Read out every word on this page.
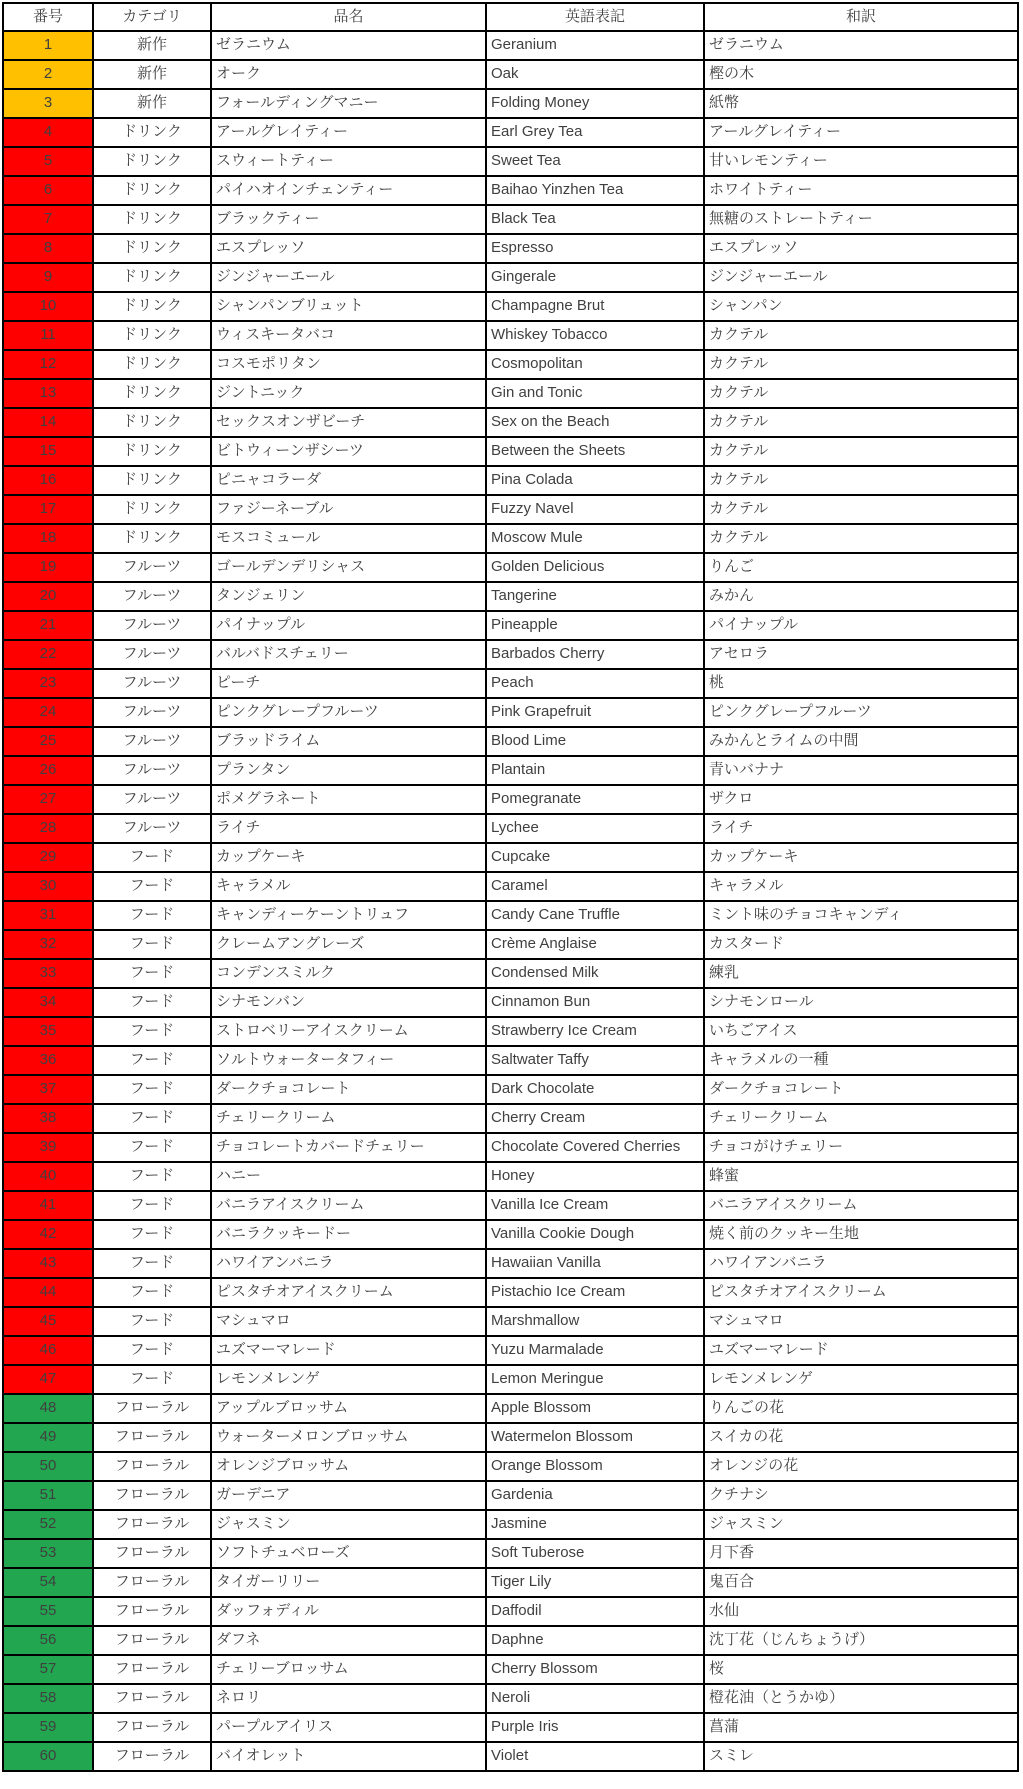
番号	カテゴリ	品名	英語表記	和訳
1	新作	ゼラニウム	Geranium	ゼラニウム
2	新作	オーク	Oak	樫の木
3	新作	フォールディングマニー	Folding Money	紙幣
4	ドリンク	アールグレイティー	Earl Grey Tea	アールグレイティー
5	ドリンク	スウィートティー	Sweet Tea	甘いレモンティー
6	ドリンク	パイハオインチェンティー	Baihao Yinzhen Tea	ホワイトティー
7	ドリンク	ブラックティー	Black Tea	無糖のストレートティー
8	ドリンク	エスプレッソ	Espresso	エスプレッソ
9	ドリンク	ジンジャーエール	Gingerale	ジンジャーエール
10	ドリンク	シャンパンブリュット	Champagne Brut	シャンパン
11	ドリンク	ウィスキータバコ	Whiskey Tobacco	カクテル
12	ドリンク	コスモポリタン	Cosmopolitan	カクテル
13	ドリンク	ジントニック	Gin and Tonic	カクテル
14	ドリンク	セックスオンザビーチ	Sex on the Beach	カクテル
15	ドリンク	ビトウィーンザシーツ	Between the Sheets	カクテル
16	ドリンク	ピニャコラーダ	Pina Colada	カクテル
17	ドリンク	ファジーネーブル	Fuzzy Navel	カクテル
18	ドリンク	モスコミュール	Moscow Mule	カクテル
19	フルーツ	ゴールデンデリシャス	Golden Delicious	りんご
20	フルーツ	タンジェリン	Tangerine	みかん
21	フルーツ	パイナップル	Pineapple	パイナップル
22	フルーツ	バルバドスチェリー	Barbados Cherry	アセロラ
23	フルーツ	ピーチ	Peach	桃
24	フルーツ	ピンクグレープフルーツ	Pink Grapefruit	ピンクグレープフルーツ
25	フルーツ	ブラッドライム	Blood Lime	みかんとライムの中間
26	フルーツ	プランタン	Plantain	青いバナナ
27	フルーツ	ポメグラネート	Pomegranate	ザクロ
28	フルーツ	ライチ	Lychee	ライチ
29	フード	カップケーキ	Cupcake	カップケーキ
30	フード	キャラメル	Caramel	キャラメル
31	フード	キャンディーケーントリュフ	Candy Cane Truffle	ミント味のチョコキャンディ
32	フード	クレームアングレーズ	Crème Anglaise	カスタード
33	フード	コンデンスミルク	Condensed Milk	練乳
34	フード	シナモンバン	Cinnamon Bun	シナモンロール
35	フード	ストロベリーアイスクリーム	Strawberry Ice Cream	いちごアイス
36	フード	ソルトウォータータフィー	Saltwater Taffy	キャラメルの一種
37	フード	ダークチョコレート	Dark Chocolate	ダークチョコレート
38	フード	チェリークリーム	Cherry Cream	チェリークリーム
39	フード	チョコレートカバードチェリー	Chocolate Covered Cherries	チョコがけチェリー
40	フード	ハニー	Honey	蜂蜜
41	フード	バニラアイスクリーム	Vanilla Ice Cream	バニラアイスクリーム
42	フード	バニラクッキードー	Vanilla Cookie Dough	焼く前のクッキー生地
43	フード	ハワイアンバニラ	Hawaiian Vanilla	ハワイアンバニラ
44	フード	ピスタチオアイスクリーム	Pistachio Ice Cream	ピスタチオアイスクリーム
45	フード	マシュマロ	Marshmallow	マシュマロ
46	フード	ユズマーマレード	Yuzu Marmalade	ユズマーマレード
47	フード	レモンメレンゲ	Lemon Meringue	レモンメレンゲ
48	フローラル	アップルブロッサム	Apple Blossom	りんごの花
49	フローラル	ウォーターメロンブロッサム	Watermelon Blossom	スイカの花
50	フローラル	オレンジブロッサム	Orange Blossom	オレンジの花
51	フローラル	ガーデニア	Gardenia	クチナシ
52	フローラル	ジャスミン	Jasmine	ジャスミン
53	フローラル	ソフトチュベローズ	Soft Tuberose	月下香
54	フローラル	タイガーリリー	Tiger Lily	鬼百合
55	フローラル	ダッフォディル	Daffodil	水仙
56	フローラル	ダフネ	Daphne	沈丁花（じんちょうげ）
57	フローラル	チェリーブロッサム	Cherry Blossom	桜
58	フローラル	ネロリ	Neroli	橙花油（とうかゆ）
59	フローラル	パープルアイリス	Purple Iris	菖蒲
60	フローラル	バイオレット	Violet	スミレ
